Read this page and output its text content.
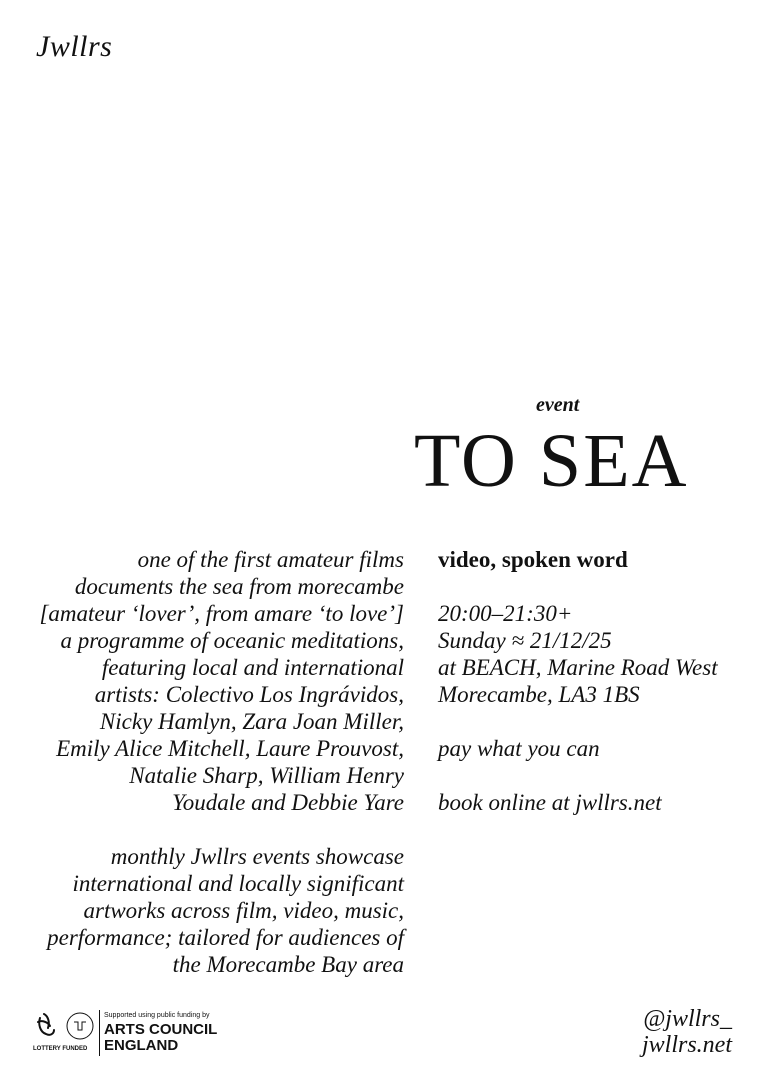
Jwllrs
event
TO SEA

one of the first amateur films
documents the sea from morecambe
[amateur ‘lover’, from amare ‘to love’]
a programme of oceanic meditations,
featuring local and international
artists: Colectivo Los Ingrávidos,
Nicky Hamlyn, Zara Joan Miller,
Emily Alice Mitchell, Laure Prouvost,
Natalie Sharp, William Henry
Youdale and Debbie Yare

monthly Jwllrs events showcase
international and locally significant
artworks across film, video, music,
performance; tailored for audiences of
the Morecambe Bay area

video, spoken word
20:00–21:30+
Sunday ≈ 21/12/25
at BEACH, Marine Road West
Morecambe, LA3 1BS
pay what you can
book online at jwllrs.net
Supported using public funding by
ARTS COUNCIL
ENGLAND
LOTTERY FUNDED
@jwllrs_
jwllrs.net
